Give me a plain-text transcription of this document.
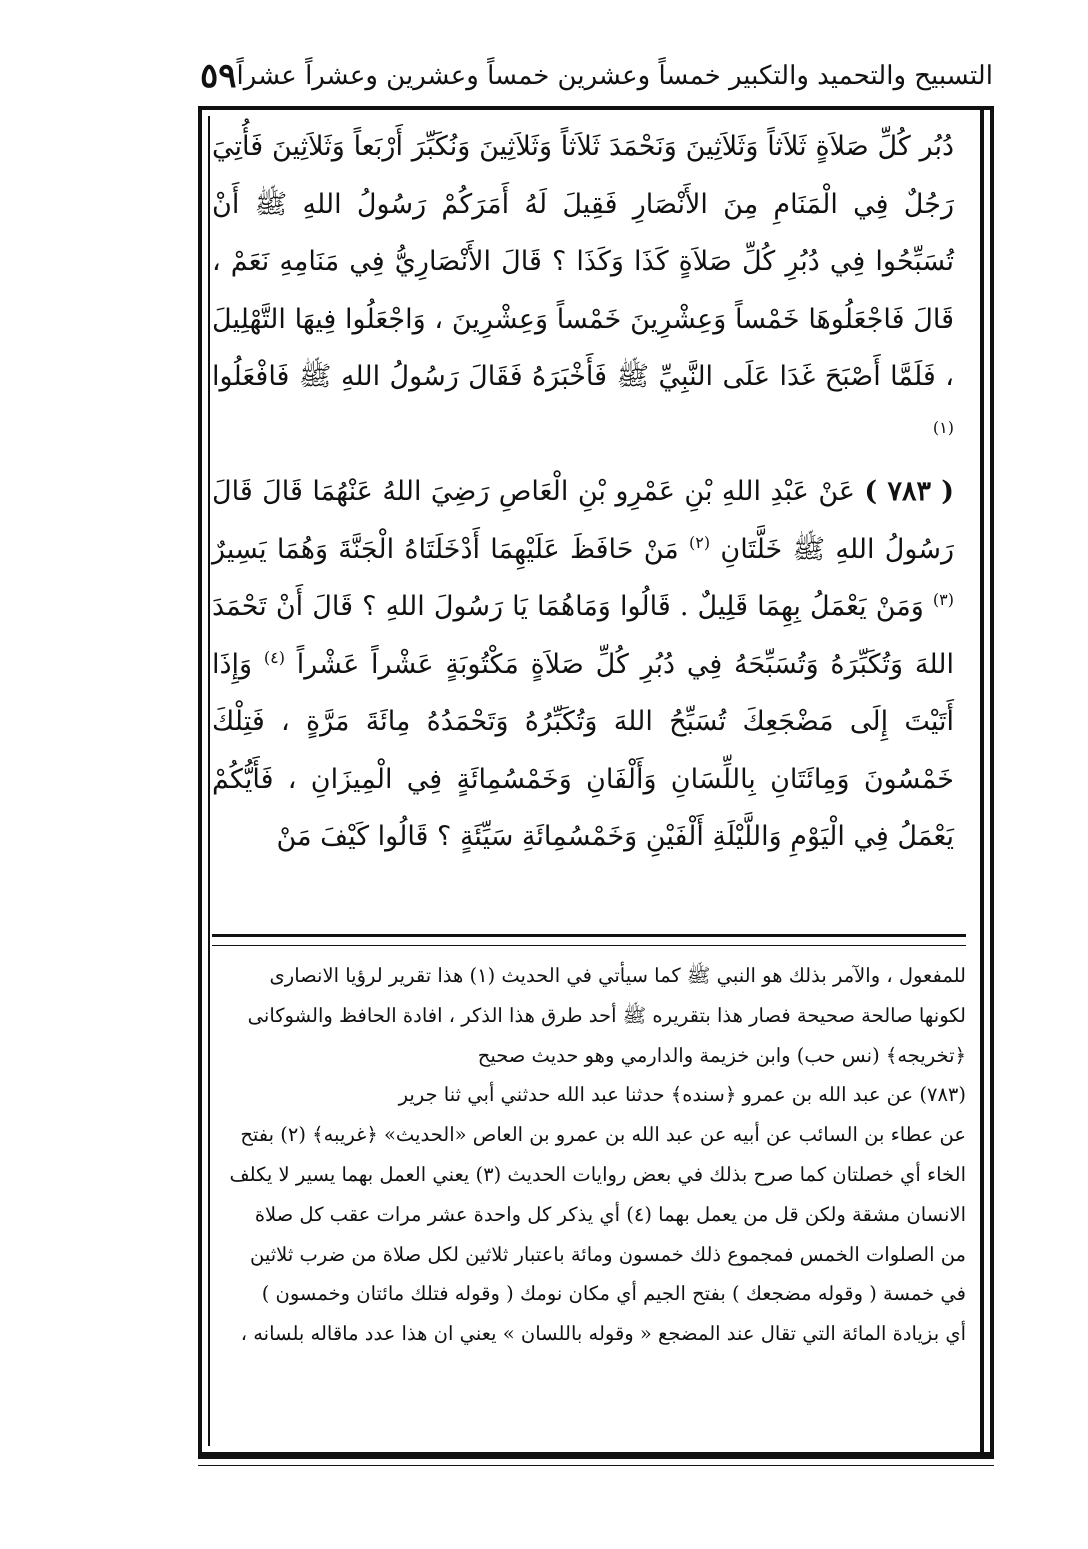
٥٩ التسبيح والتحميد والتكبير خمساً وعشرين خمساً وعشرين وعشراً عشراً

دُبُر كُلِّ صَلاَةٍ ثَلاَثاً وَثَلاَثِينَ وَنَحْمَدَ ثَلاَثاً وَثَلاَثِينَ وَنُكَبِّرَ أَرْبَعاً وَثَلاَثِينَ فَأُتِيَ رَجُلٌ فِي الْمَنَامِ مِنَ الأَنْصَارِ فَقِيلَ لَهُ أَمَرَكُمْ رَسُولُ اللهِ ﷺ أَنْ تُسَبِّحُوا فِي دُبُرِ كُلِّ صَلاَةٍ كَذَا وَكَذَا ؟ قَالَ الأَنْصَارِيُّ فِي مَنَامِهِ نَعَمْ ، قَالَ فَاجْعَلُوهَا خَمْساً وَعِشْرِينَ خَمْساً وَعِشْرِينَ ، وَاجْعَلُوا فِيهَا التَّهْلِيلَ ، فَلَمَّا أَصْبَحَ غَدَا عَلَى النَّبِيِّ ﷺ فَأَخْبَرَهُ فَقَالَ رَسُولُ اللهِ ﷺ فَافْعَلُوا $^{(١)}$

( ٧٨٣ ) عَنْ عَبْدِ اللهِ بْنِ عَمْرِو بْنِ الْعَاصِ رَضِيَ اللهُ عَنْهُمَا قَالَ قَالَ رَسُولُ اللهِ ﷺ خَلَّتَانِ $^{(٢)}$ مَنْ حَافَظَ عَلَيْهِمَا أَدْخَلَتَاهُ الْجَنَّةَ وَهُمَا يَسِيرٌ $^{(٣)}$ وَمَنْ يَعْمَلُ بِهِمَا قَلِيلٌ . قَالُوا وَمَاهُمَا يَا رَسُولَ اللهِ ؟ قَالَ أَنْ تَحْمَدَ اللهَ وَتُكَبِّرَهُ وَتُسَبِّحَهُ فِي دُبُرِ كُلِّ صَلاَةٍ مَكْتُوبَةٍ عَشْراً عَشْراً $^{(٤)}$ وَإِذَا أَتَيْتَ إِلَى مَضْجَعِكَ تُسَبِّحُ اللهَ وَتُكَبِّرُهُ وَتَحْمَدُهُ مِائَةَ مَرَّةٍ ، فَتِلْكَ خَمْسُونَ وَمِائَتَانِ بِاللِّسَانِ وَأَلْفَانِ وَخَمْسُمِائَةٍ فِي الْمِيزَانِ ، فَأَيُّكُمْ يَعْمَلُ فِي الْيَوْمِ وَاللَّيْلَةِ أَلْفَيْنِ وَخَمْسُمِائَةِ سَيِّئَةٍ ؟ قَالُوا كَيْفَ مَنْ

للمفعول ، والآمر بذلك هو النبي ﷺ كما سيأتي في الحديث (١) هذا تقرير لرؤيا الانصارى

لكونها صالحة صحيحة فصار هذا بتقريره ﷺ أحد طرق هذا الذكر ، افادة الحافظ والشوكانى

﴿تخريجه﴾ (نس حب) وابن خزيمة والدارمي وهو حديث صحيح

(٧٨٣) عن عبد الله بن عمرو ﴿سنده﴾ حدثنا عبد الله حدثني أبي ثنا جرير

عن عطاء بن السائب عن أبيه عن عبد الله بن عمرو بن العاص «الحديث» ﴿غريبه﴾ (٢) بفتح

الخاء أي خصلتان كما صرح بذلك في بعض روايات الحديث (٣) يعني العمل بهما يسير لا يكلف

الانسان مشقة ولكن قل من يعمل بهما (٤) أي يذكر كل واحدة عشر مرات عقب كل صلاة

من الصلوات الخمس فمجموع ذلك خمسون ومائة باعتبار ثلاثين لكل صلاة من ضرب ثلاثين

في خمسة ( وقوله مضجعك ) بفتح الجيم أي مكان نومك ( وقوله فتلك مائتان وخمسون )

أي بزيادة المائة التي تقال عند المضجع « وقوله باللسان » يعني ان هذا عدد ماقاله بلسانه ،
